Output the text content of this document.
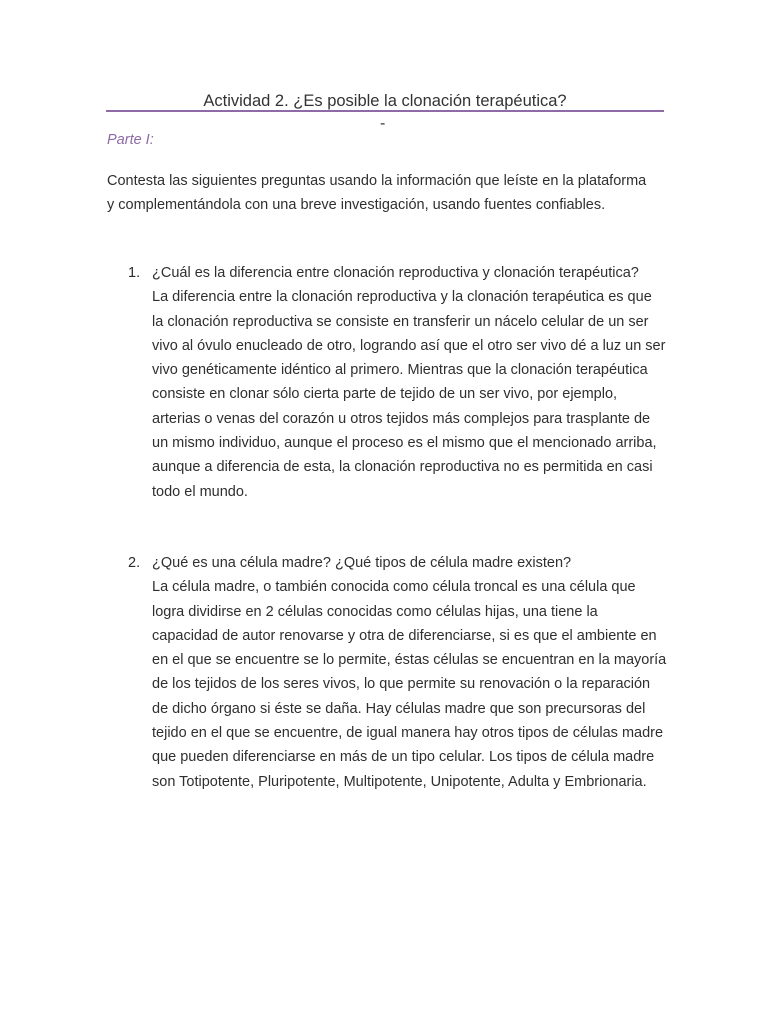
Actividad 2. ¿Es posible la clonación terapéutica?
-
Parte I:

Contesta las siguientes preguntas usando la información que leíste en la plataforma y complementándola con una breve investigación, usando fuentes confiables.

1. ¿Cuál es la diferencia entre clonación reproductiva y clonación terapéutica?

La diferencia entre la clonación reproductiva y la clonación terapéutica es que la clonación reproductiva se consiste en transferir un nácelo celular de un ser vivo al óvulo enucleado de otro, logrando así que el otro ser vivo dé a luz un ser vivo genéticamente idéntico al primero. Mientras que la clonación terapéutica consiste en clonar sólo cierta parte de tejido de un ser vivo, por ejemplo, arterias o venas del corazón u otros tejidos más complejos para trasplante de un mismo individuo, aunque el proceso es el mismo que el mencionado arriba, aunque a diferencia de esta, la clonación reproductiva no es permitida en casi todo el mundo.

2. ¿Qué es una célula madre? ¿Qué tipos de célula madre existen?

La célula madre, o también conocida como célula troncal es una célula que logra dividirse en 2 células conocidas como células hijas, una tiene la capacidad de autor renovarse y otra de diferenciarse, si es que el ambiente en en el que se encuentre se lo permite, éstas células se encuentran en la mayoría de los tejidos de los seres vivos, lo que permite su renovación o la reparación de dicho órgano si éste se daña. Hay células madre que son precursoras del tejido en el que se encuentre, de igual manera hay otros tipos de células madre que pueden diferenciarse en más de un tipo celular. Los tipos de célula madre son Totipotente, Pluripotente, Multipotente, Unipotente, Adulta y Embrionaria.
